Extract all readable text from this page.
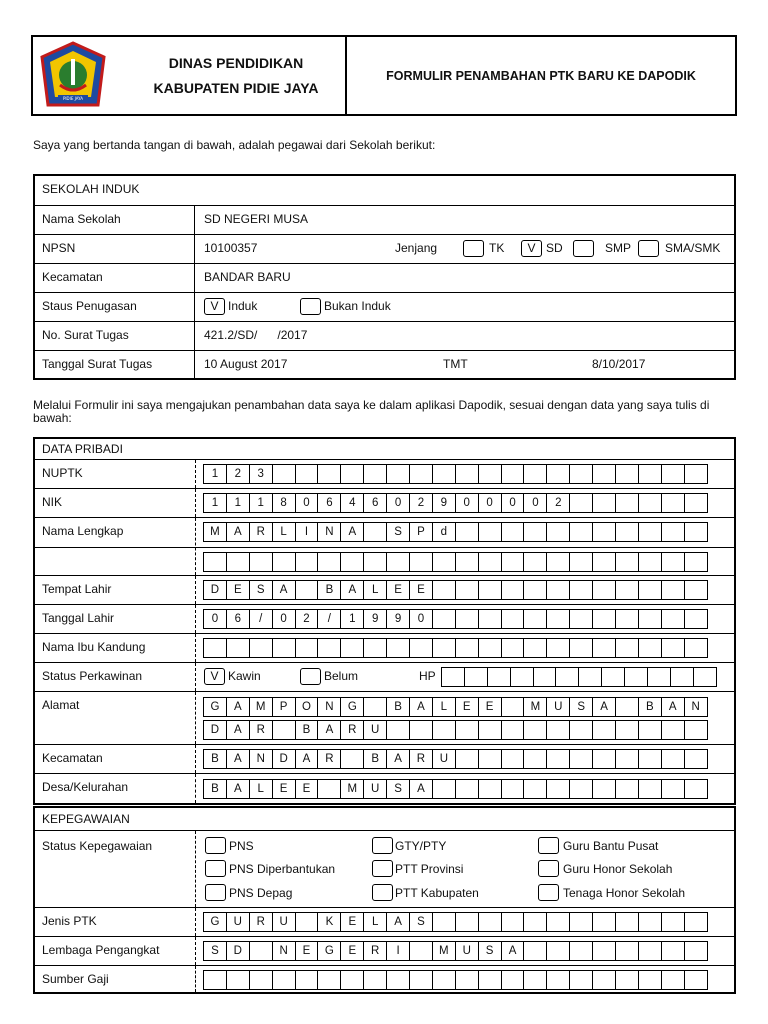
PIDIE JAYA
DINAS PENDIDIKAN
KABUPATEN PIDIE JAYA
FORMULIR PENAMBAHAN PTK BARU KE DAPODIK
Saya yang bertanda tangan di bawah, adalah pegawai dari Sekolah berikut:
SEKOLAH INDUK
Nama Sekolah	SD NEGERI MUSA
NPSN	10100357	Jenjang	TK	V SD	SMP	SMA/SMK
Kecamatan	BANDAR BARU
Staus Penugasan	V Induk	Bukan Induk
No. Surat Tugas	421.2/SD/      /2017
Tanggal Surat Tugas	10 August 2017	TMT	8/10/2017
Melalui Formulir ini saya mengajukan penambahan data saya ke dalam aplikasi Dapodik, sesuai dengan data yang saya tulis di bawah:
DATA PRIBADI
NUPTK	1	2	3
NIK	1	1	1	8	0	6	4	6	0	2	9	0	0	0	0	2
Nama Lengkap	M	A	R	L	I	N	A	S	P	d
Tempat Lahir	D	E	S	A	B	A	L	E	E
Tanggal Lahir	0	6	/	0	2	/	1	9	9	0
Nama Ibu Kandung
Status Perkawinan	V Kawin	Belum	HP
Alamat	G	A	M	P	O	N	G	B	A	L	E	E	M	U	S	A	B	A	N
D	A	R	B	A	R	U
Kecamatan	B	A	N	D	A	R	B	A	R	U
Desa/Kelurahan	B	A	L	E	E	M	U	S	A
KEPEGAWAIAN
Status Kepegawaian	PNS	GTY/PTY	Guru Bantu Pusat
PNS Diperbantukan	PTT Provinsi	Guru Honor Sekolah
PNS Depag	PTT Kabupaten	Tenaga Honor Sekolah
Jenis PTK	G	U	R	U	K	E	L	A	S
Lembaga Pengangkat	S	D	N	E	G	E	R	I	M	U	S	A
Sumber Gaji
